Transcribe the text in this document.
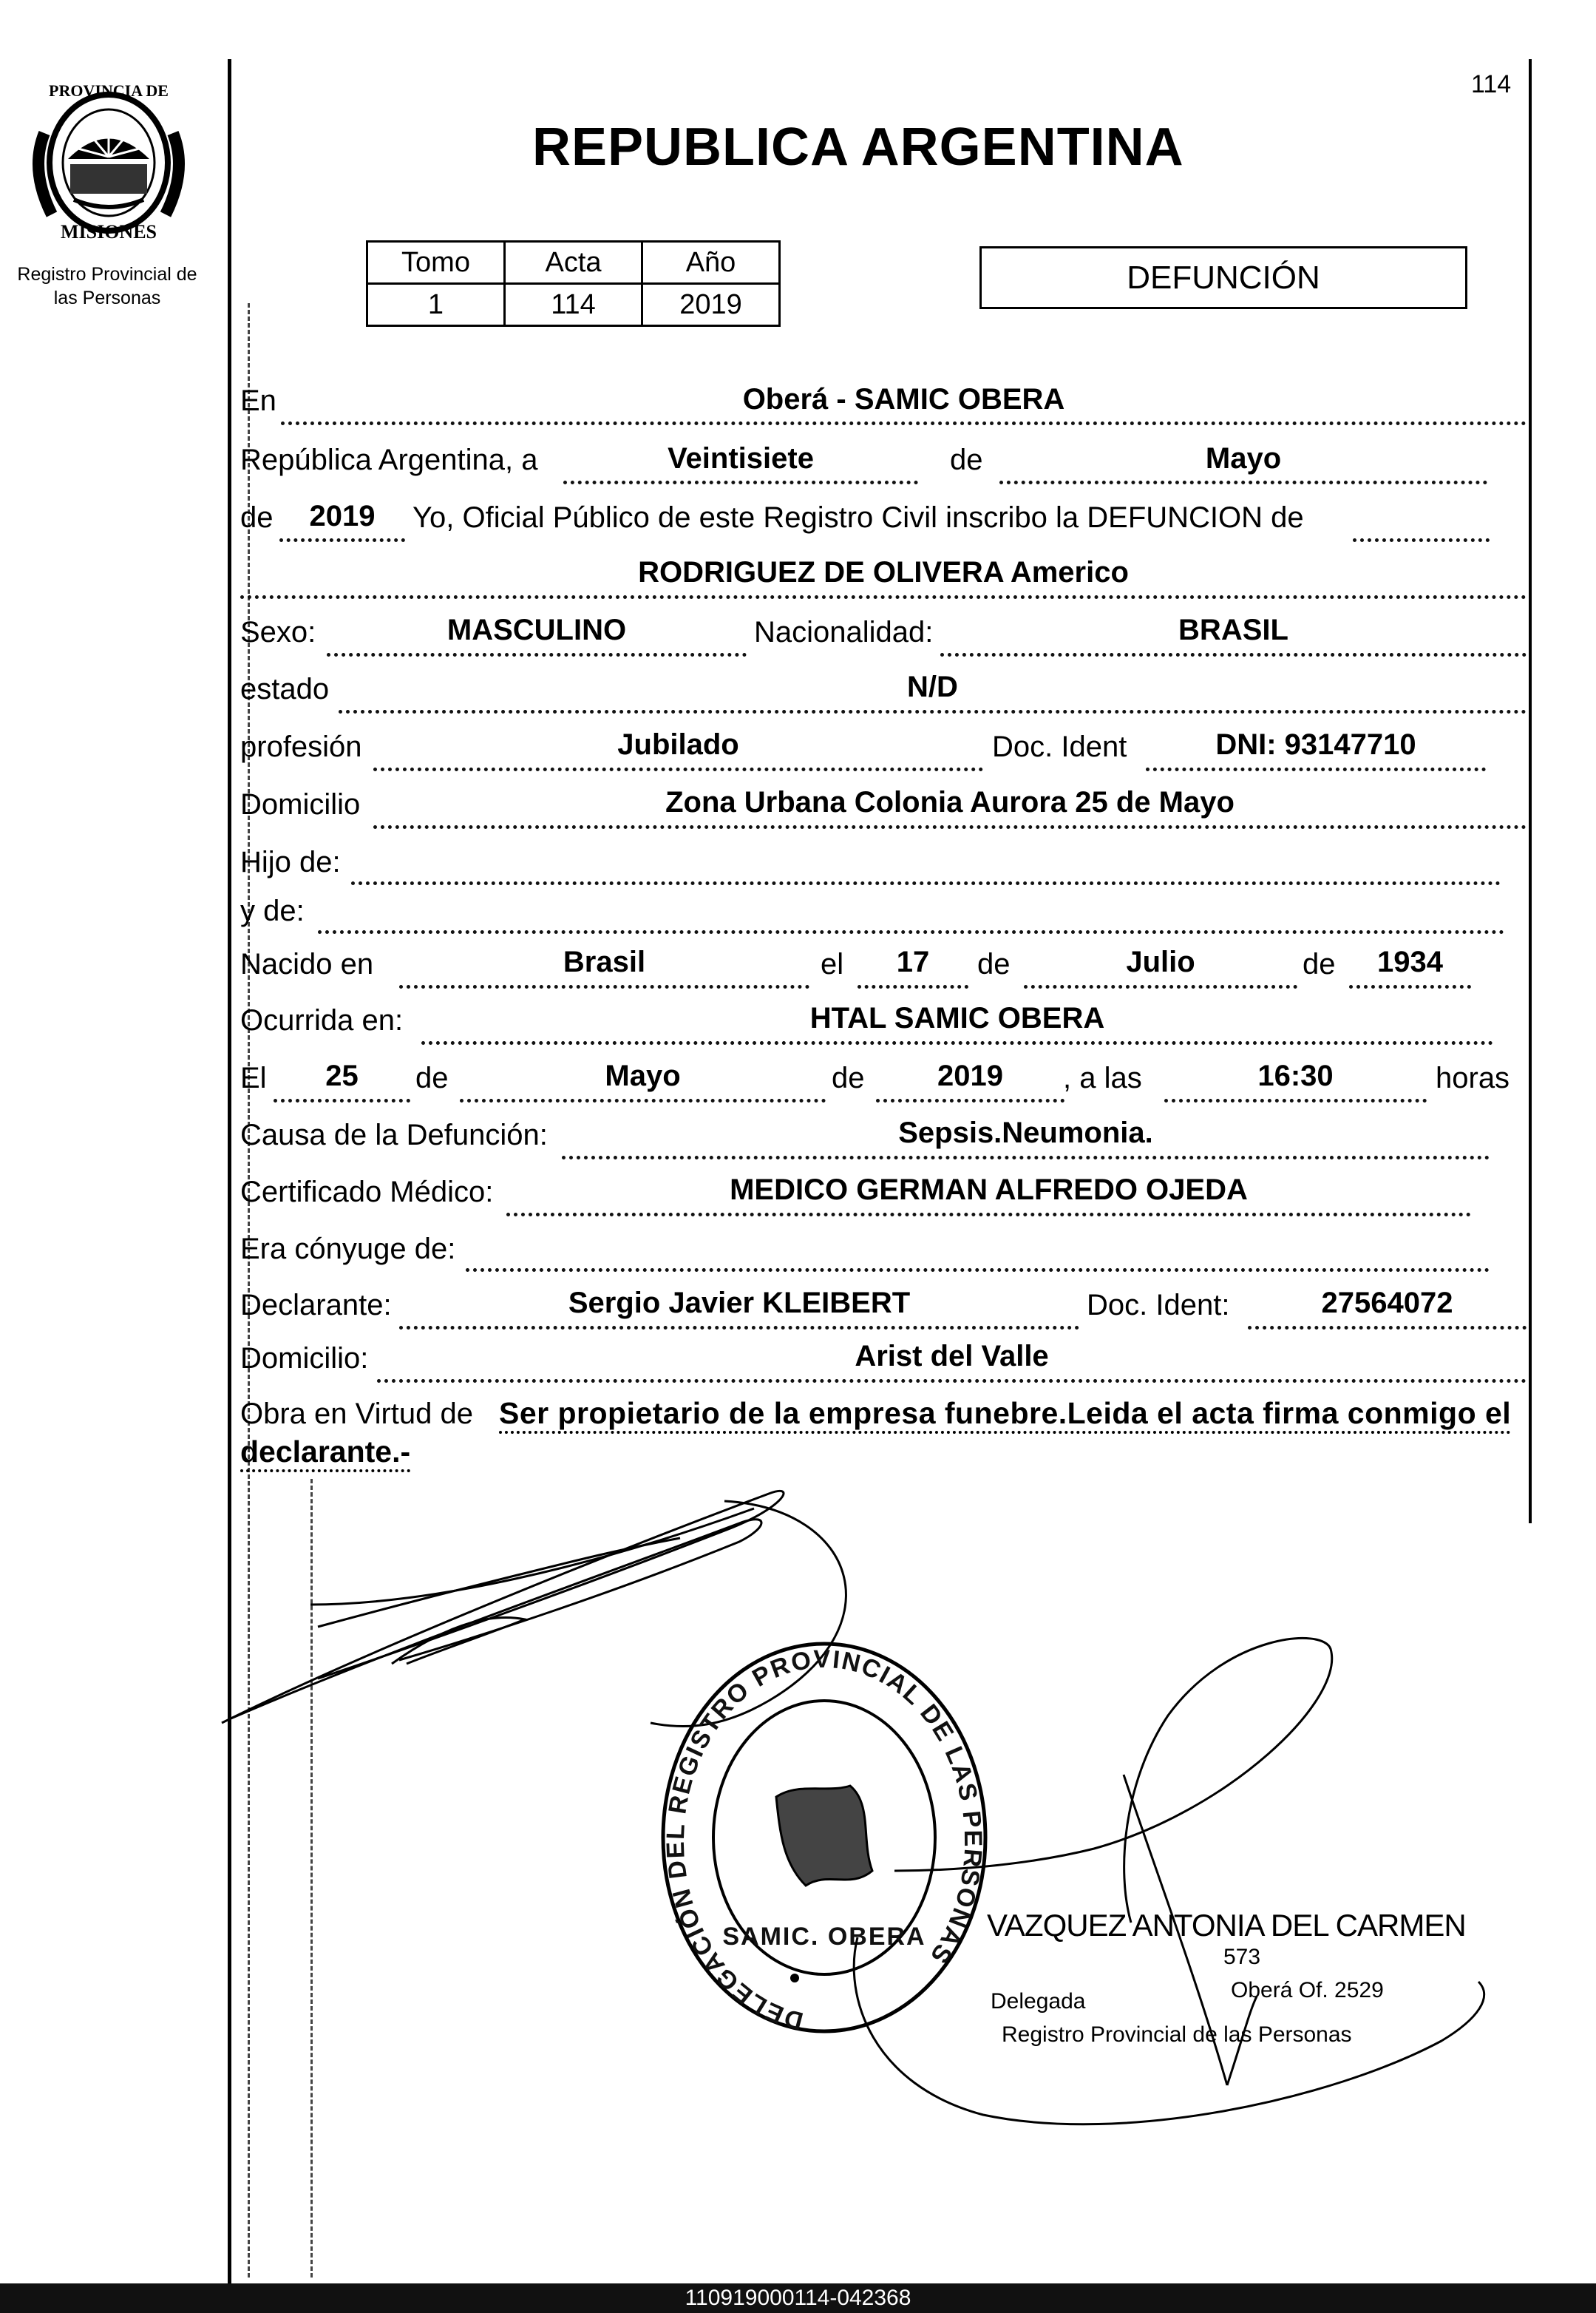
PROVINCIA DE
MISIONES
Registro Provincial de
las Personas
114
REPUBLICA ARGENTINA
Tomo	Acta	Año
1	114	2019
DEFUNCIÓN
En	Oberá - SAMIC OBERA
República Argentina, a	Veintisiete	de	Mayo
de	2019	Yo, Oficial Público de este Registro Civil inscribo la DEFUNCION de
RODRIGUEZ DE OLIVERA Americo
Sexo:	MASCULINO	Nacionalidad:	BRASIL
estado	N/D
profesión	Jubilado	Doc. Ident	DNI: 93147710
Domicilio	Zona Urbana Colonia Aurora 25 de Mayo
Hijo de:
y de:
Nacido en	Brasil	el	17	de	Julio	de	1934
Ocurrida en:	HTAL SAMIC OBERA
El	25	de	Mayo	de	2019	, a las	16:30	horas
Causa de la Defunción:	Sepsis.Neumonia.
Certificado Médico:	MEDICO GERMAN ALFREDO OJEDA
Era cónyuge de:
Declarante:	Sergio Javier KLEIBERT	Doc. Ident:	27564072
Domicilio:	Arist del Valle
Obra en Virtud de Ser propietario de la empresa funebre.Leida el acta firma conmigo el
declarante.-
DELEGACIÓN DEL REGISTRO PROVINCIAL DE LAS PERSONAS
SAMIC. OBERA VAZQUEZ ANTONIA DEL CARMEN
573
Delegada	Oberá Of. 2529
Registro Provincial de las Personas
110919000114-042368
